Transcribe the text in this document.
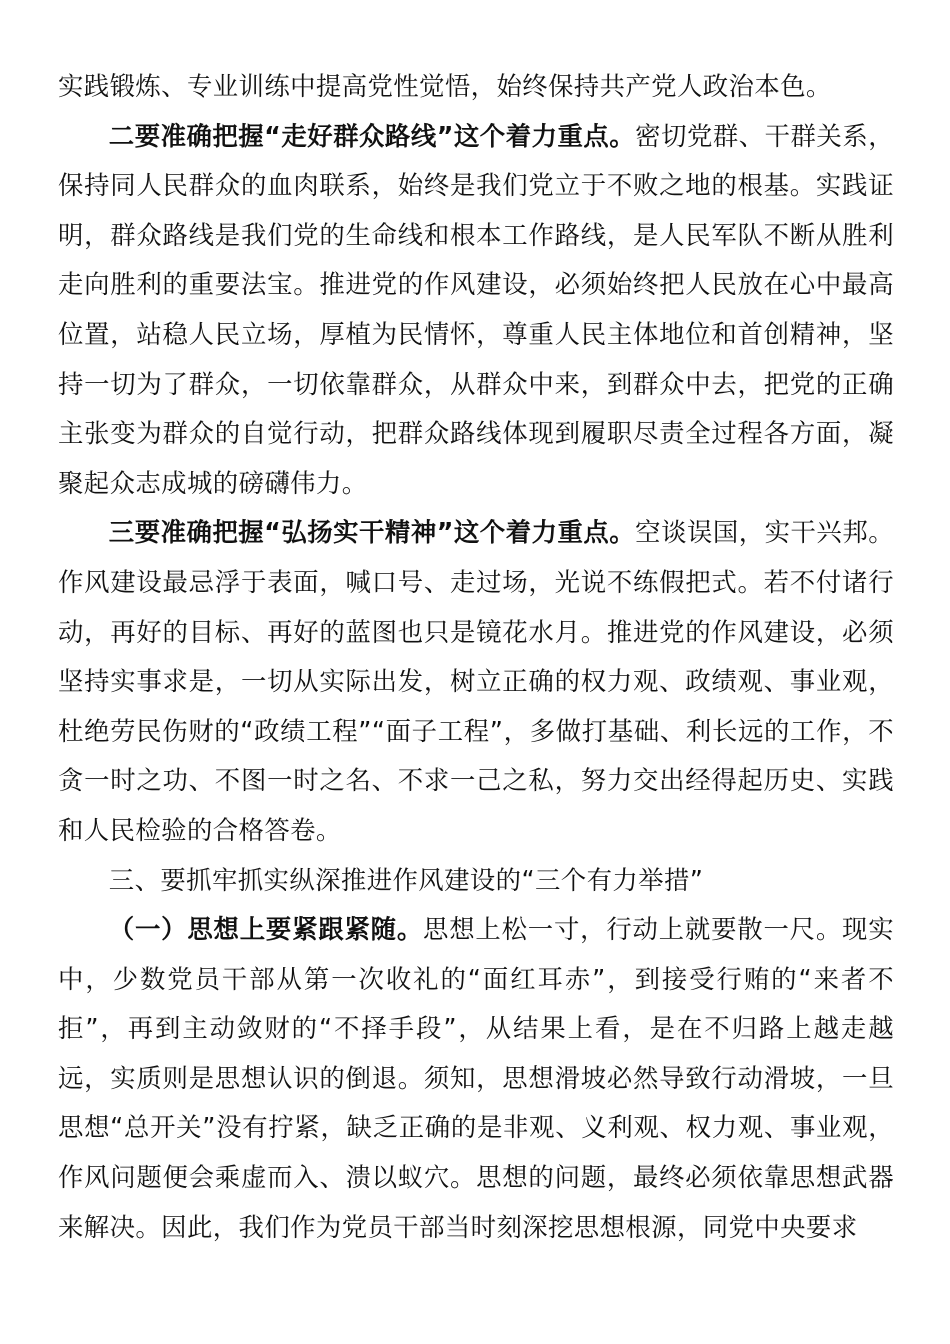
实践锻炼、专业训练中提高党性觉悟，始终保持共产党人政治本色。

二要准确把握“走好群众路线”这个着力重点。密切党群、干群关系，保持同人民群众的血肉联系，始终是我们党立于不败之地的根基。实践证明，群众路线是我们党的生命线和根本工作路线，是人民军队不断从胜利走向胜利的重要法宝。推进党的作风建设，必须始终把人民放在心中最高位置，站稳人民立场，厚植为民情怀，尊重人民主体地位和首创精神，坚持一切为了群众，一切依靠群众，从群众中来，到群众中去，把党的正确主张变为群众的自觉行动，把群众路线体现到履职尽责全过程各方面，凝聚起众志成城的磅礴伟力。

三要准确把握“弘扬实干精神”这个着力重点。空谈误国，实干兴邦。作风建设最忌浮于表面，喊口号、走过场，光说不练假把式。若不付诸行动，再好的目标、再好的蓝图也只是镜花水月。推进党的作风建设，必须坚持实事求是，一切从实际出发，树立正确的权力观、政绩观、事业观，杜绝劳民伤财的“政绩工程”“面子工程”，多做打基础、利长远的工作，不贪一时之功、不图一时之名、不求一己之私，努力交出经得起历史、实践和人民检验的合格答卷。

三、要抓牢抓实纵深推进作风建设的“三个有力举措”

（一）思想上要紧跟紧随。思想上松一寸，行动上就要散一尺。现实中，少数党员干部从第一次收礼的“面红耳赤”，到接受行贿的“来者不拒”，再到主动敛财的“不择手段”，从结果上看，是在不归路上越走越远，实质则是思想认识的倒退。须知，思想滑坡必然导致行动滑坡，一旦思想“总开关”没有拧紧，缺乏正确的是非观、义利观、权力观、事业观，作风问题便会乘虚而入、溃以蚁穴。思想的问题，最终必须依靠思想武器来解决。因此，我们作为党员干部当时刻深挖思想根源，同党中央要求
